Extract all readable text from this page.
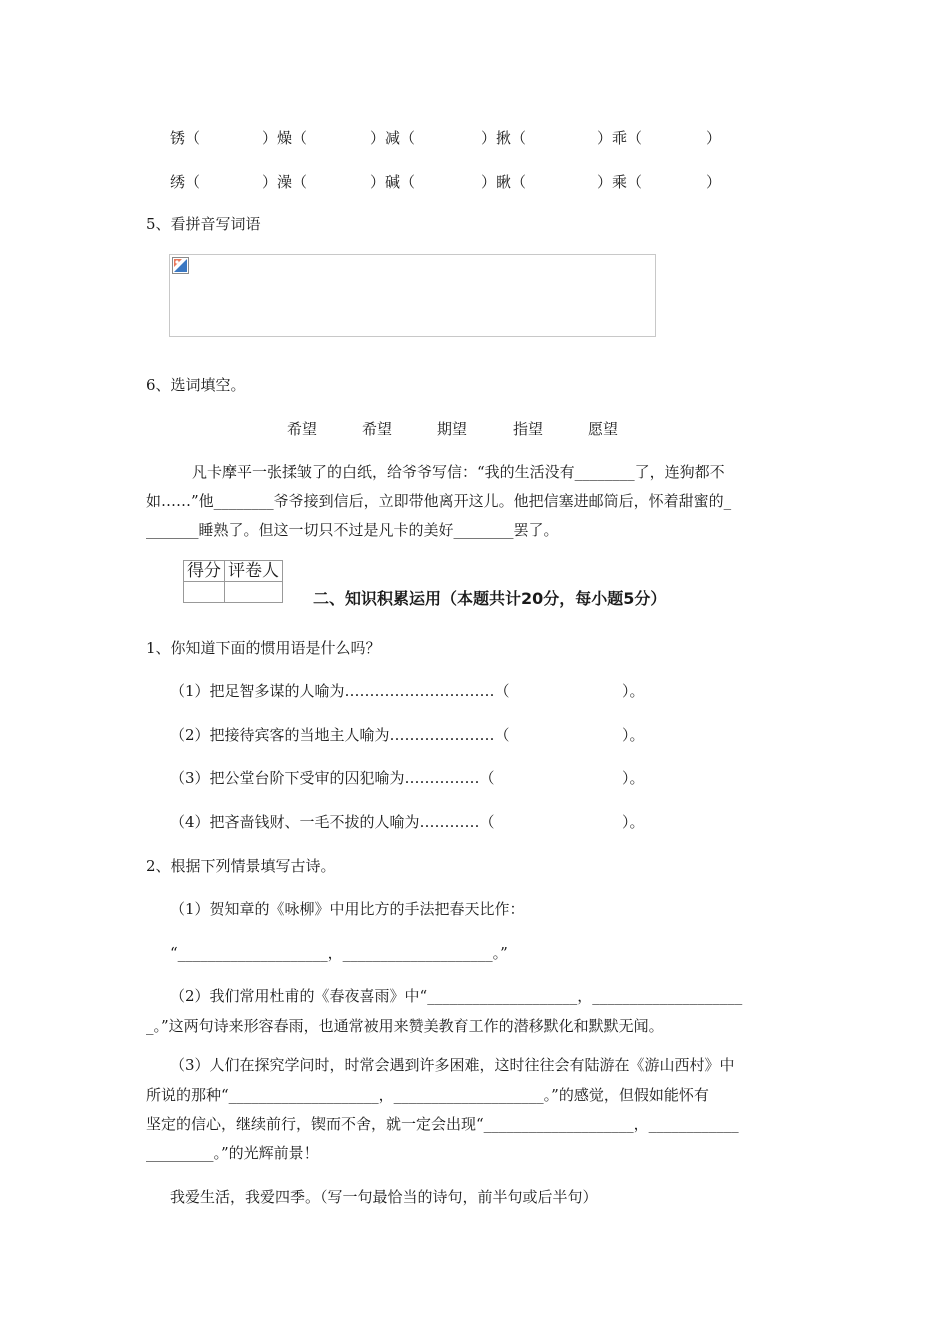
锈（	）燥（	）减（	）揪（	）乖（	）
绣（	）澡（	）碱（	）瞅（	）乘（	）
5、看拼音写词语
6、选词填空。
希望	希望	期望	指望	愿望
凡卡摩平一张揉皱了的白纸，给爷爷写信：“我的生活没有________了，连狗都不
如……”他________爷爷接到信后，立即带他离开这儿。他把信塞进邮筒后，怀着甜蜜的_
_______睡熟了。但这一切只不过是凡卡的美好________罢了。
得分	评卷人

二、知识积累运用（本题共计20分，每小题5分）
1、你知道下面的惯用语是什么吗？
（1）把足智多谋的人喻为…………………………（	）。
（2）把接待宾客的当地主人喻为…………………（	）。
（3）把公堂台阶下受审的囚犯喻为……………（	）。
（4）把吝啬钱财、一毛不拔的人喻为…………（	）。
2、根据下列情景填写古诗。
（1）贺知章的《咏柳》中用比方的手法把春天比作：
“____________________，____________________。”
（2）我们常用杜甫的《春夜喜雨》中“____________________，____________________
_。”这两句诗来形容春雨，也通常被用来赞美教育工作的潜移默化和默默无闻。
（3）人们在探究学问时，时常会遇到许多困难，这时往往会有陆游在《游山西村》中
所说的那种“____________________，____________________。”的感觉，但假如能怀有
坚定的信心，继续前行，锲而不舍，就一定会出现“____________________，____________
_________。”的光辉前景！
我爱生活，我爱四季。（写一句最恰当的诗句，前半句或后半句）
